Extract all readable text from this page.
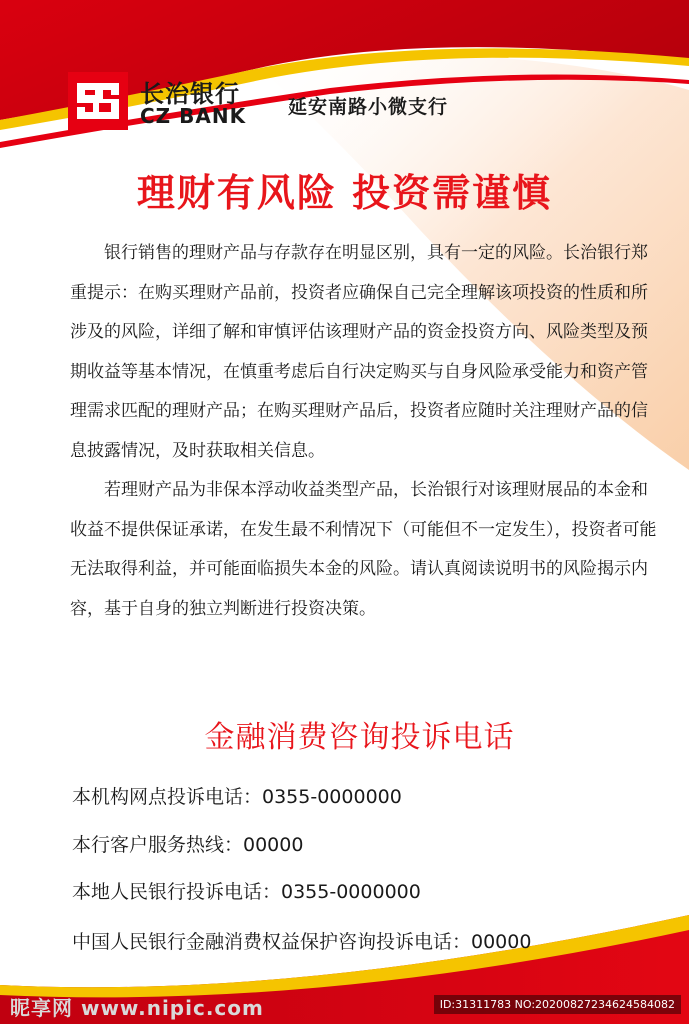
长治银行
CZ BANK 延安南路小微支行
理财有风险 投资需谨慎

银行销售的理财产品与存款存在明显区别，具有一定的风险。长治银行郑重提示：在购买理财产品前，投资者应确保自己完全理解该项投资的性质和所涉及的风险，详细了解和审慎评估该理财产品的资金投资方向、风险类型及预期收益等基本情况，在慎重考虑后自行决定购买与自身风险承受能力和资产管理需求匹配的理财产品；在购买理财产品后，投资者应随时关注理财产品的信息披露情况，及时获取相关信息。

若理财产品为非保本浮动收益类型产品，长治银行对该理财展品的本金和收益不提供保证承诺，在发生最不利情况下（可能但不一定发生），投资者可能无法取得利益，并可能面临损失本金的风险。请认真阅读说明书的风险揭示内容，基于自身的独立判断进行投资决策。

金融消费咨询投诉电话
本机构网点投诉电话：0355-0000000
本行客户服务热线：00000
本地人民银行投诉电话：0355-0000000
中国人民银行金融消费权益保护咨询投诉电话：00000
昵享网 www.nipic.com	ID:31311783 NO:20200827234624584082
